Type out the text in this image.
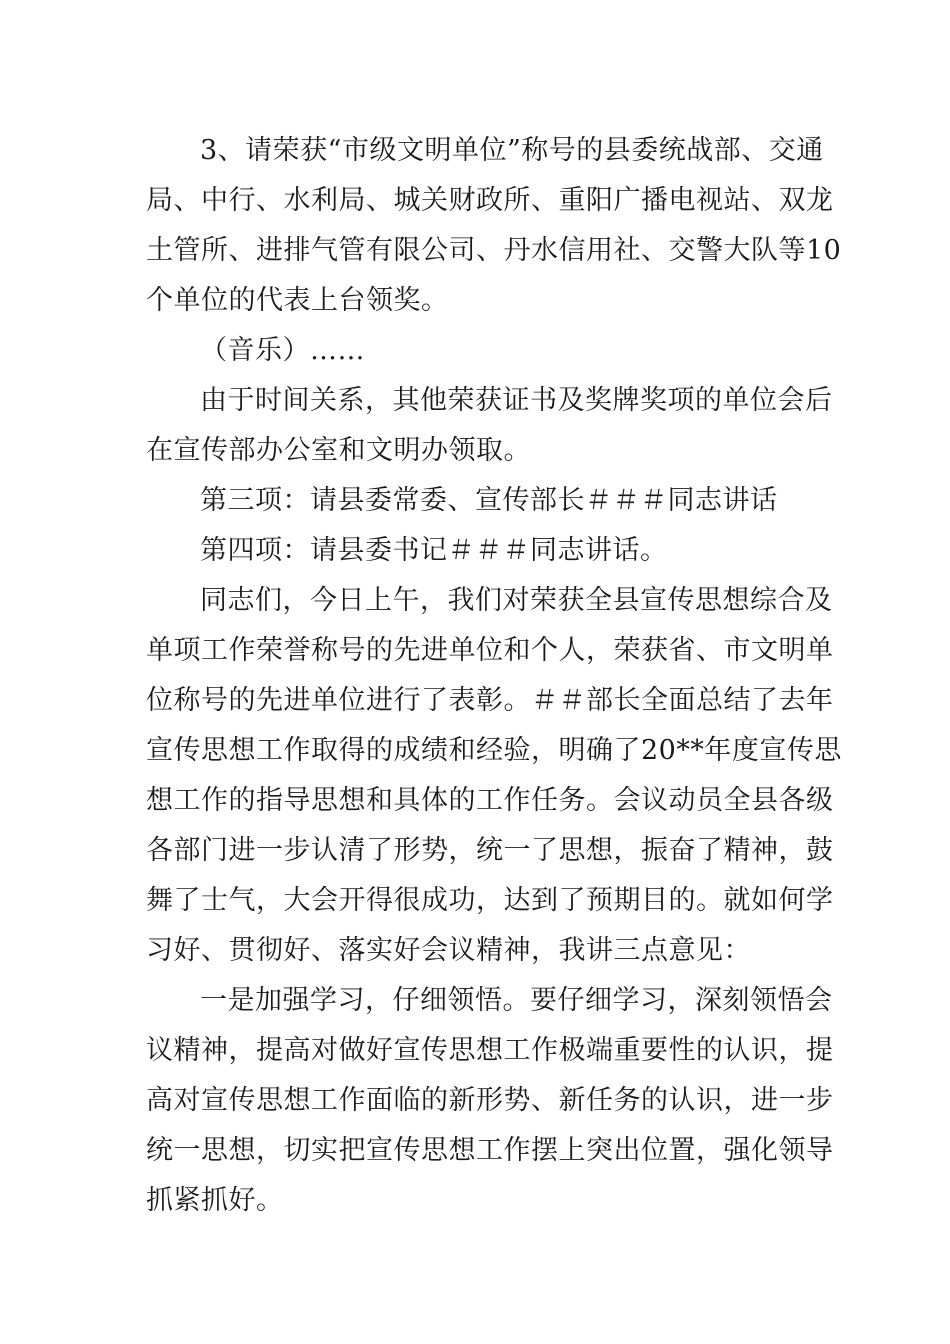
3、请荣获“市级文明单位”称号的县委统战部、交通
局、中行、水利局、城关财政所、重阳广播电视站、双龙
土管所、进排气管有限公司、丹水信用社、交警大队等10
个单位的代表上台领奖。
（音乐）……
由于时间关系，其他荣获证书及奖牌奖项的单位会后
在宣传部办公室和文明办领取。
第三项：请县委常委、宣传部长＃＃＃同志讲话
第四项：请县委书记＃＃＃同志讲话。
同志们，今日上午，我们对荣获全县宣传思想综合及
单项工作荣誉称号的先进单位和个人，荣获省、市文明单
位称号的先进单位进行了表彰。＃＃部长全面总结了去年
宣传思想工作取得的成绩和经验，明确了20**年度宣传思
想工作的指导思想和具体的工作任务。会议动员全县各级
各部门进一步认清了形势，统一了思想，振奋了精神，鼓
舞了士气，大会开得很成功，达到了预期目的。就如何学
习好、贯彻好、落实好会议精神，我讲三点意见：
一是加强学习，仔细领悟。要仔细学习，深刻领悟会
议精神，提高对做好宣传思想工作极端重要性的认识，提
高对宣传思想工作面临的新形势、新任务的认识，进一步
统一思想，切实把宣传思想工作摆上突出位置，强化领导
抓紧抓好。
